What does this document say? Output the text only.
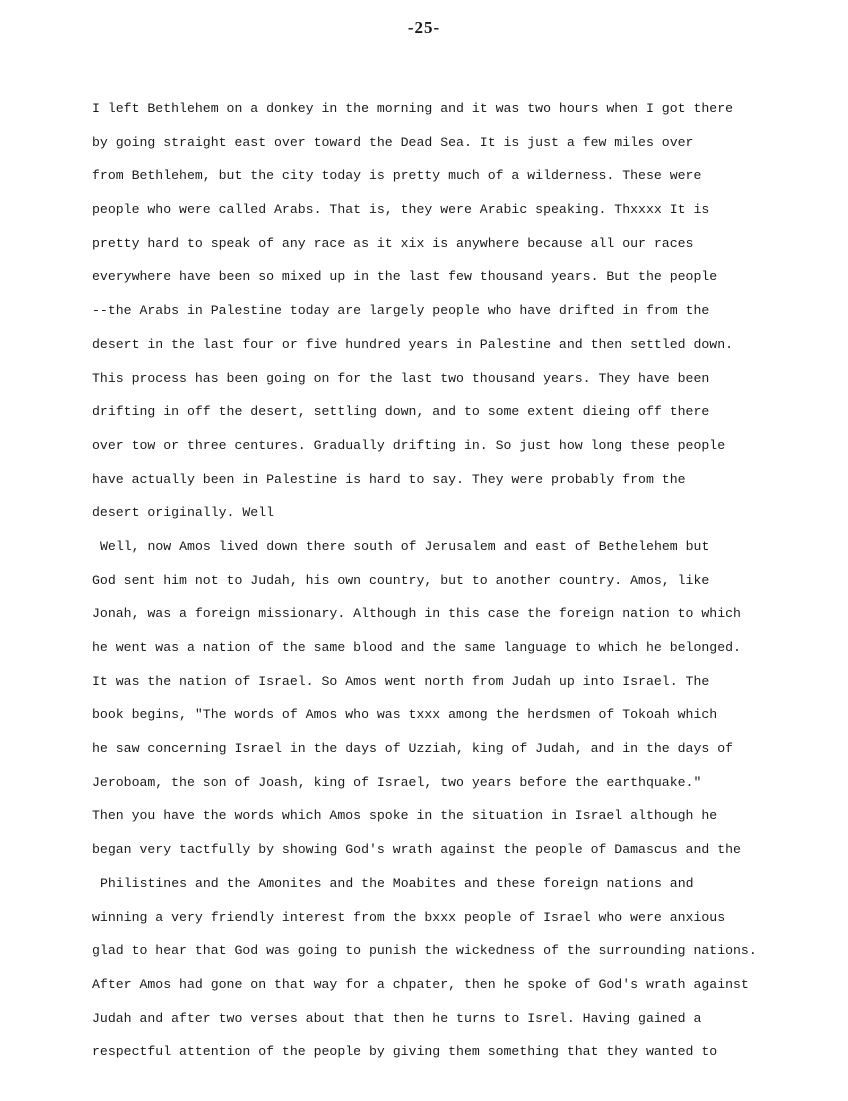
-25-
I left Bethlehem on a donkey in the morning and it was two hours when I got there
by going straight east over toward the Dead Sea. It is just a few miles over
from Bethlehem, but the city today is pretty much of a wilderness. These were
people who were called Arabs. That is, they were Arabic speaking. Thxxxx It is
pretty hard to speak of any race as it xix is anywhere because all our races
everywhere have been so mixed up in the last few thousand years. But the people
--the Arabs in Palestine today are largely people who have drifted in from the
desert in the last four or five hundred years in Palestine and then settled down.
This process has been going on for the last two thousand years. They have been
drifting in off the desert, settling down, and to some extent dieing off there
over tow or three centures. Gradually drifting in. So just how long these people
have actually been in Palestine is hard to say. They were probably from the
desert originally. Well
Well, now Amos lived down there south of Jerusalem and east of Bethelehem but
God sent him not to Judah, his own country, but to another country. Amos, like
Jonah, was a foreign missionary. Although in this case the foreign nation to which
he went was a nation of the same blood and the same language to which he belonged.
It was the nation of Israel. So Amos went north from Judah up into Israel. The
book begins, "The words of Amos who was txxx among the herdsmen of Tokoah which
he saw concerning Israel in the days of Uzziah, king of Judah, and in the days of
Jeroboam, the son of Joash, king of Israel, two years before the earthquake."
Then you have the words which Amos spoke in the situation in Israel although he
began very tactfully by showing God's wrath against the people of Damascus and the
Philistines and the Amonites and the Moabites and these foreign nations and
winning a very friendly interest from the bxxx people of Israel who were anxious
glad to hear that God was going to punish the wickedness of the surrounding nations.
After Amos had gone on that way for a chpater, then he spoke of God's wrath against
Judah and after two verses about that then he turns to Isrel. Having gained a
respectful attention of the people by giving them something that they wanted to
